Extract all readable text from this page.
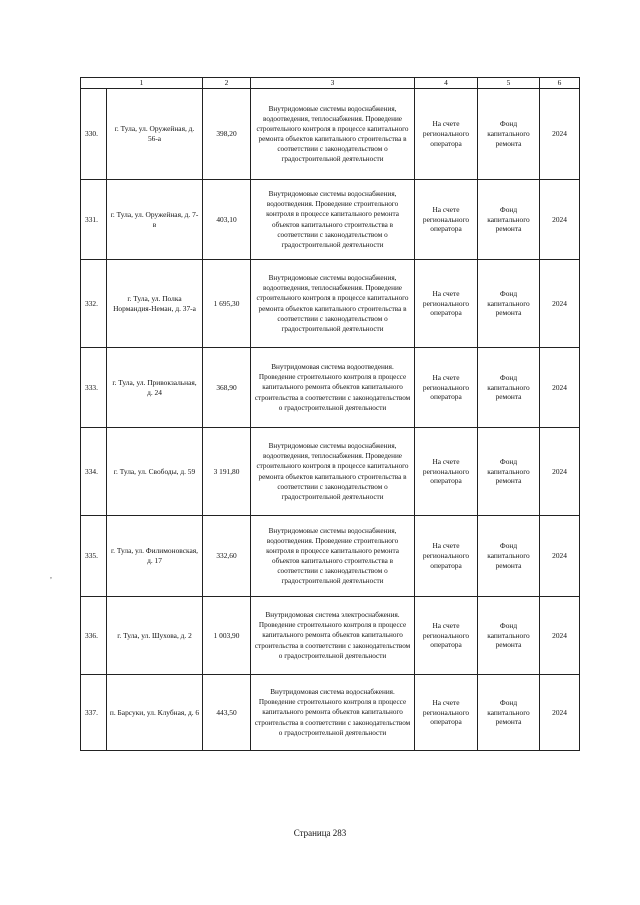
1		2	3	4	5	6
330.	г. Тула, ул. Оружейная, д. 56-а	398,20	Внутридомовые системы водоснабжения, водоотведения, теплоснабжения. Проведение строительного контроля в процессе капитального ремонта объектов капитального строительства в соответствии с законодательством о градостроительной деятельности	На счете регионального оператора	Фонд капитального ремонта	2024
331.	г. Тула, ул. Оружейная, д. 7-в	403,10	Внутридомовые системы водоснабжения, водоотведения. Проведение строительного контроля в процессе капитального ремонта объектов капитального строительства в соответствии с законодательством о градостроительной деятельности	На счете регионального оператора	Фонд капитального ремонта	2024
332.	г. Тула, ул. Полка Нормандия-Неман, д. 37-а	1 695,30	Внутридомовые системы водоснабжения, водоотведения, теплоснабжения. Проведение строительного контроля в процессе капитального ремонта объектов капитального строительства в соответствии с законодательством о градостроительной деятельности	На счете регионального оператора	Фонд капитального ремонта	2024
333.	г. Тула, ул. Привокзальная, д. 24	368,90	Внутридомовая система водоотведения. Проведение строительного контроля в процессе капитального ремонта объектов капитального строительства в соответствии с законодательством о градостроительной деятельности	На счете регионального оператора	Фонд капитального ремонта	2024
334.	г. Тула, ул. Свободы, д. 59	3 191,80	Внутридомовые системы водоснабжения, водоотведения, теплоснабжения. Проведение строительного контроля в процессе капитального ремонта объектов капитального строительства в соответствии с законодательством о градостроительной деятельности	На счете регионального оператора	Фонд капитального ремонта	2024
335.	г. Тула, ул. Филимоновская, д. 17	332,60	Внутридомовые системы водоснабжения, водоотведения. Проведение строительного контроля в процессе капитального ремонта объектов капитального строительства в соответствии с законодательством о градостроительной деятельности	На счете регионального оператора	Фонд капитального ремонта	2024
336.	г. Тула, ул. Шухова, д. 2	1 003,90	Внутридомовая система электроснабжения. Проведение строительного контроля в процессе капитального ремонта объектов капитального строительства в соответствии с законодательством о градостроительной деятельности	На счете регионального оператора	Фонд капитального ремонта	2024
337.	п. Барсуки, ул. Клубная, д. 6	443,50	Внутридомовая система водоснабжения. Проведение строительного контроля в процессе капитального ремонта объектов капитального строительства в соответствии с законодательством о градостроительной деятельности	На счете регионального оператора	Фонд капитального ремонта	2024
,
Страница 283
